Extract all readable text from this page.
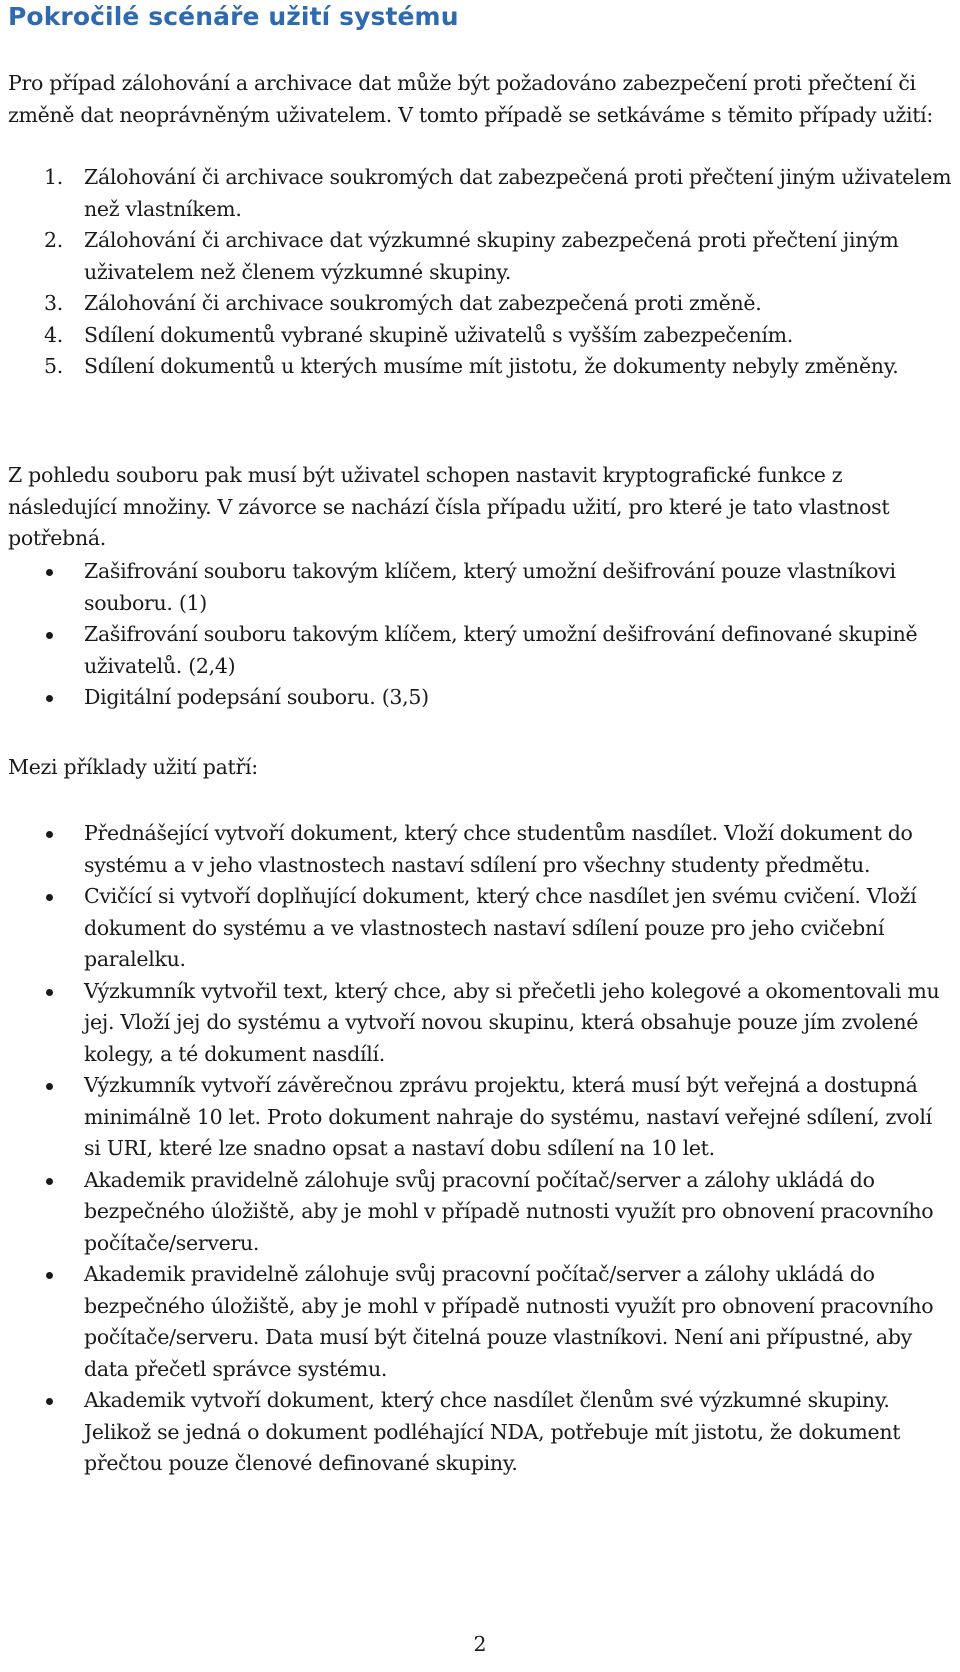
Pokročilé scénáře užití systému

Pro případ zálohování a archivace dat může být požadováno zabezpečení proti přečtení či změně dat neoprávněným uživatelem. V tomto případě se setkáváme s těmito případy užití:

1. Zálohování či archivace soukromých dat zabezpečená proti přečtení jiným uživatelem než vlastníkem.
2. Zálohování či archivace dat výzkumné skupiny zabezpečená proti přečtení jiným uživatelem než členem výzkumné skupiny.
3. Zálohování či archivace soukromých dat zabezpečená proti změně.
4. Sdílení dokumentů vybrané skupině uživatelů s vyšším zabezpečením.
5. Sdílení dokumentů u kterých musíme mít jistotu, že dokumenty nebyly změněny.

Z pohledu souboru pak musí být uživatel schopen nastavit kryptografické funkce z následující množiny. V závorce se nachází čísla případu užití, pro které je tato vlastnost potřebná.

Zašifrování souboru takovým klíčem, který umožní dešifrování pouze vlastníkovi souboru. (1)
Zašifrování souboru takovým klíčem, který umožní dešifrování definované skupině uživatelů. (2,4)
Digitální podepsání souboru. (3,5)

Mezi příklady užití patří:

Přednášející vytvoří dokument, který chce studentům nasdílet. Vloží dokument do systému a v jeho vlastnostech nastaví sdílení pro všechny studenty předmětu.
Cvičící si vytvoří doplňující dokument, který chce nasdílet jen svému cvičení. Vloží dokument do systému a ve vlastnostech nastaví sdílení pouze pro jeho cvičební paralelku.
Výzkumník vytvořil text, který chce, aby si přečetli jeho kolegové a okomentovali mu jej. Vloží jej do systému a vytvoří novou skupinu, která obsahuje pouze jím zvolené kolegy, a té dokument nasdílí.
Výzkumník vytvoří závěrečnou zprávu projektu, která musí být veřejná a dostupná minimálně 10 let. Proto dokument nahraje do systému, nastaví veřejné sdílení, zvolí si URI, které lze snadno opsat a nastaví dobu sdílení na 10 let.
Akademik pravidelně zálohuje svůj pracovní počítač/server a zálohy ukládá do bezpečného úložiště, aby je mohl v případě nutnosti využít pro obnovení pracovního počítače/serveru.
Akademik pravidelně zálohuje svůj pracovní počítač/server a zálohy ukládá do bezpečného úložiště, aby je mohl v případě nutnosti využít pro obnovení pracovního počítače/serveru. Data musí být čitelná pouze vlastníkovi. Není ani přípustné, aby data přečetl správce systému.
Akademik vytvoří dokument, který chce nasdílet členům své výzkumné skupiny. Jelikož se jedná o dokument podléhající NDA, potřebuje mít jistotu, že dokument přečtou pouze členové definované skupiny.
2
